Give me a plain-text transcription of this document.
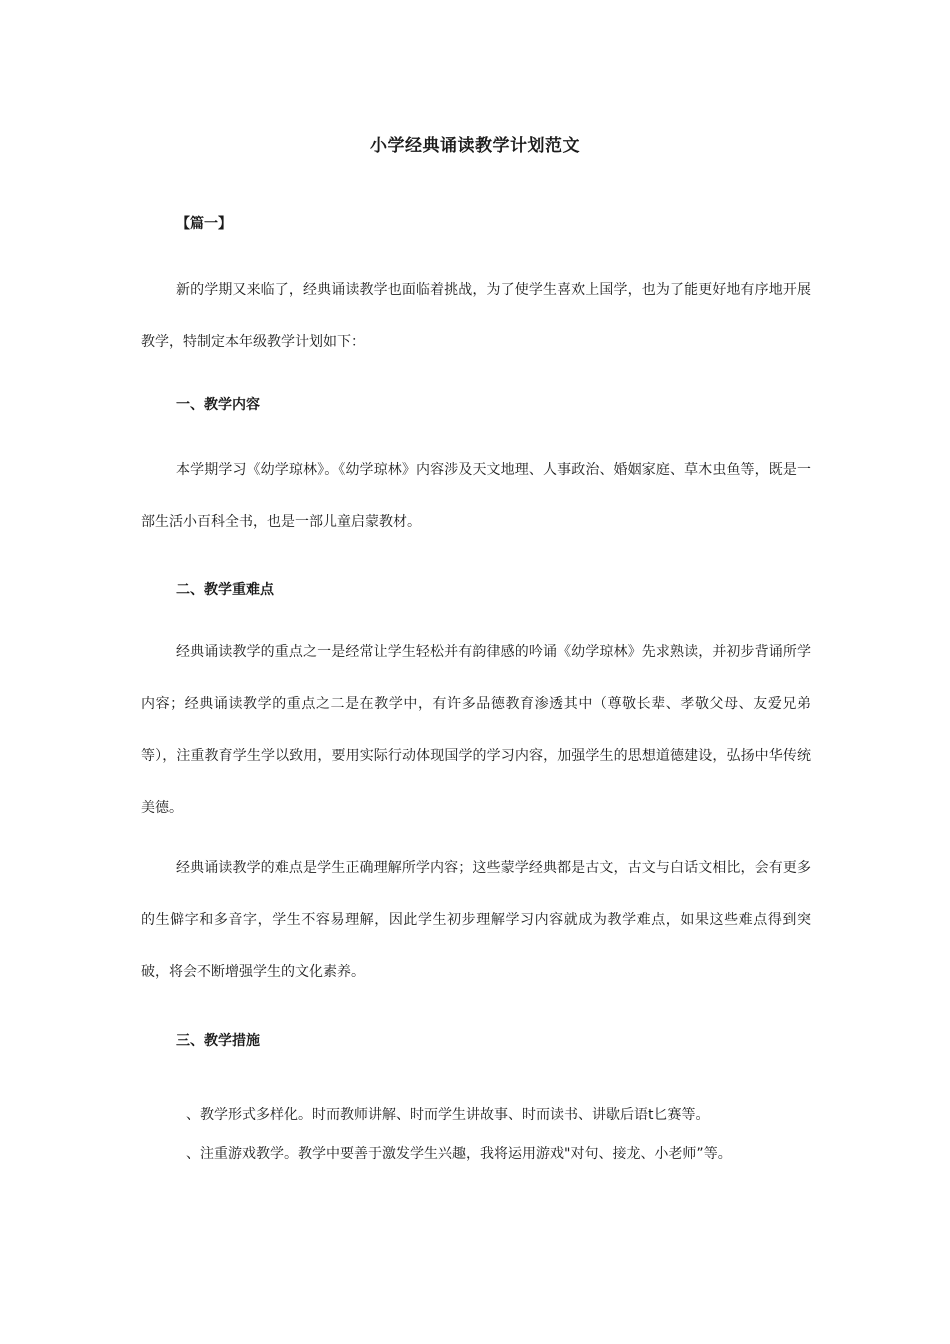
小学经典诵读教学计划范文
【篇一】

新的学期又来临了，经典诵读教学也面临着挑战，为了使学生喜欢上国学，也为了能更好地有序地开展教学，特制定本年级教学计划如下：

一、教学内容

本学期学习《幼学琼林》。《幼学琼林》内容涉及天文地理、人事政治、婚姻家庭、草木虫鱼等，既是一部生活小百科全书，也是一部儿童启蒙教材。

二、教学重难点

经典诵读教学的重点之一是经常让学生轻松并有韵律感的吟诵《幼学琼林》先求熟读，并初步背诵所学内容；经典诵读教学的重点之二是在教学中，有许多品德教育渗透其中（尊敬长辈、孝敬父母、友爱兄弟等），注重教育学生学以致用，要用实际行动体现国学的学习内容，加强学生的思想道德建设，弘扬中华传统美德。

经典诵读教学的难点是学生正确理解所学内容；这些蒙学经典都是古文，古文与白话文相比，会有更多的生僻字和多音字，学生不容易理解，因此学生初步理解学习内容就成为教学难点，如果这些难点得到突破，将会不断增强学生的文化素养。

三、教学措施
、教学形式多样化。时而教师讲解、时而学生讲故事、时而读书、讲歇后语t匕赛等。
、注重游戏教学。教学中要善于激发学生兴趣，我将运用游戏"对句、接龙、小老师”等。
